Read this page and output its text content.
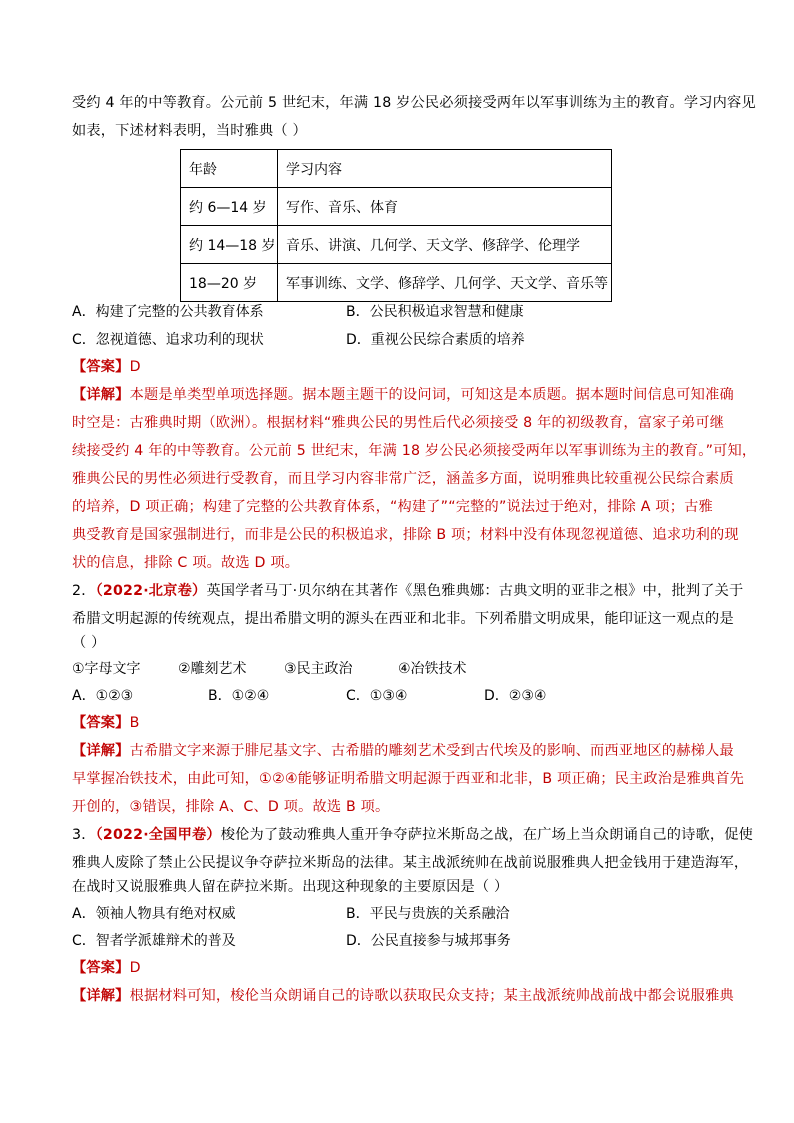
受约 4 年的中等教育。公元前 5 世纪末，年满 18 岁公民必须接受两年以军事训练为主的教育。学习内容见
如表，下述材料表明，当时雅典（ ）
年龄	学习内容
约 6—14 岁	写作、音乐、体育
约 14—18 岁	音乐、讲演、几何学、天文学、修辞学、伦理学
18—20 岁	军事训练、文学、修辞学、几何学、天文学、音乐等
A．构建了完整的公共教育体系	B．公民积极追求智慧和健康
C．忽视道德、追求功利的现状	D．重视公民综合素质的培养
【答案】D
【详解】本题是单类型单项选择题。据本题主题干的设问词，可知这是本质题。据本题时间信息可知准确
时空是：古雅典时期（欧洲）。根据材料“雅典公民的男性后代必须接受 8 年的初级教育，富家子弟可继
续接受约 4 年的中等教育。公元前 5 世纪末，年满 18 岁公民必须接受两年以军事训练为主的教育。”可知，
雅典公民的男性必须进行受教育，而且学习内容非常广泛，涵盖多方面，说明雅典比较重视公民综合素质
的培养，D 项正确；构建了完整的公共教育体系，“构建了”“完整的”说法过于绝对，排除 A 项；古雅
典受教育是国家强制进行，而非是公民的积极追求，排除 B 项；材料中没有体现忽视道德、追求功利的现
状的信息，排除 C 项。故选 D 项。
2．（2022·北京卷）英国学者马丁·贝尔纳在其著作《黑色雅典娜：古典文明的亚非之根》中，批判了关于
希腊文明起源的传统观点，提出希腊文明的源头在西亚和北非。下列希腊文明成果，能印证这一观点的是
（ ）
①字母文字	②雕刻艺术	③民主政治	④冶铁技术
A．①②③	B．①②④	C．①③④	D．②③④
【答案】B
【详解】古希腊文字来源于腓尼基文字、古希腊的雕刻艺术受到古代埃及的影响、而西亚地区的赫梯人最
早掌握冶铁技术，由此可知，①②④能够证明希腊文明起源于西亚和北非，B 项正确；民主政治是雅典首先
开创的，③错误，排除 A、C、D 项。故选 B 项。
3．（2022·全国甲卷）梭伦为了鼓动雅典人重开争夺萨拉米斯岛之战，在广场上当众朗诵自己的诗歌，促使
雅典人废除了禁止公民提议争夺萨拉米斯岛的法律。某主战派统帅在战前说服雅典人把金钱用于建造海军，
在战时又说服雅典人留在萨拉米斯。出现这种现象的主要原因是（ ）
A．领袖人物具有绝对权威	B．平民与贵族的关系融洽
C．智者学派雄辩术的普及	D．公民直接参与城邦事务
【答案】D
【详解】根据材料可知，梭伦当众朗诵自己的诗歌以获取民众支持；某主战派统帅战前战中都会说服雅典
